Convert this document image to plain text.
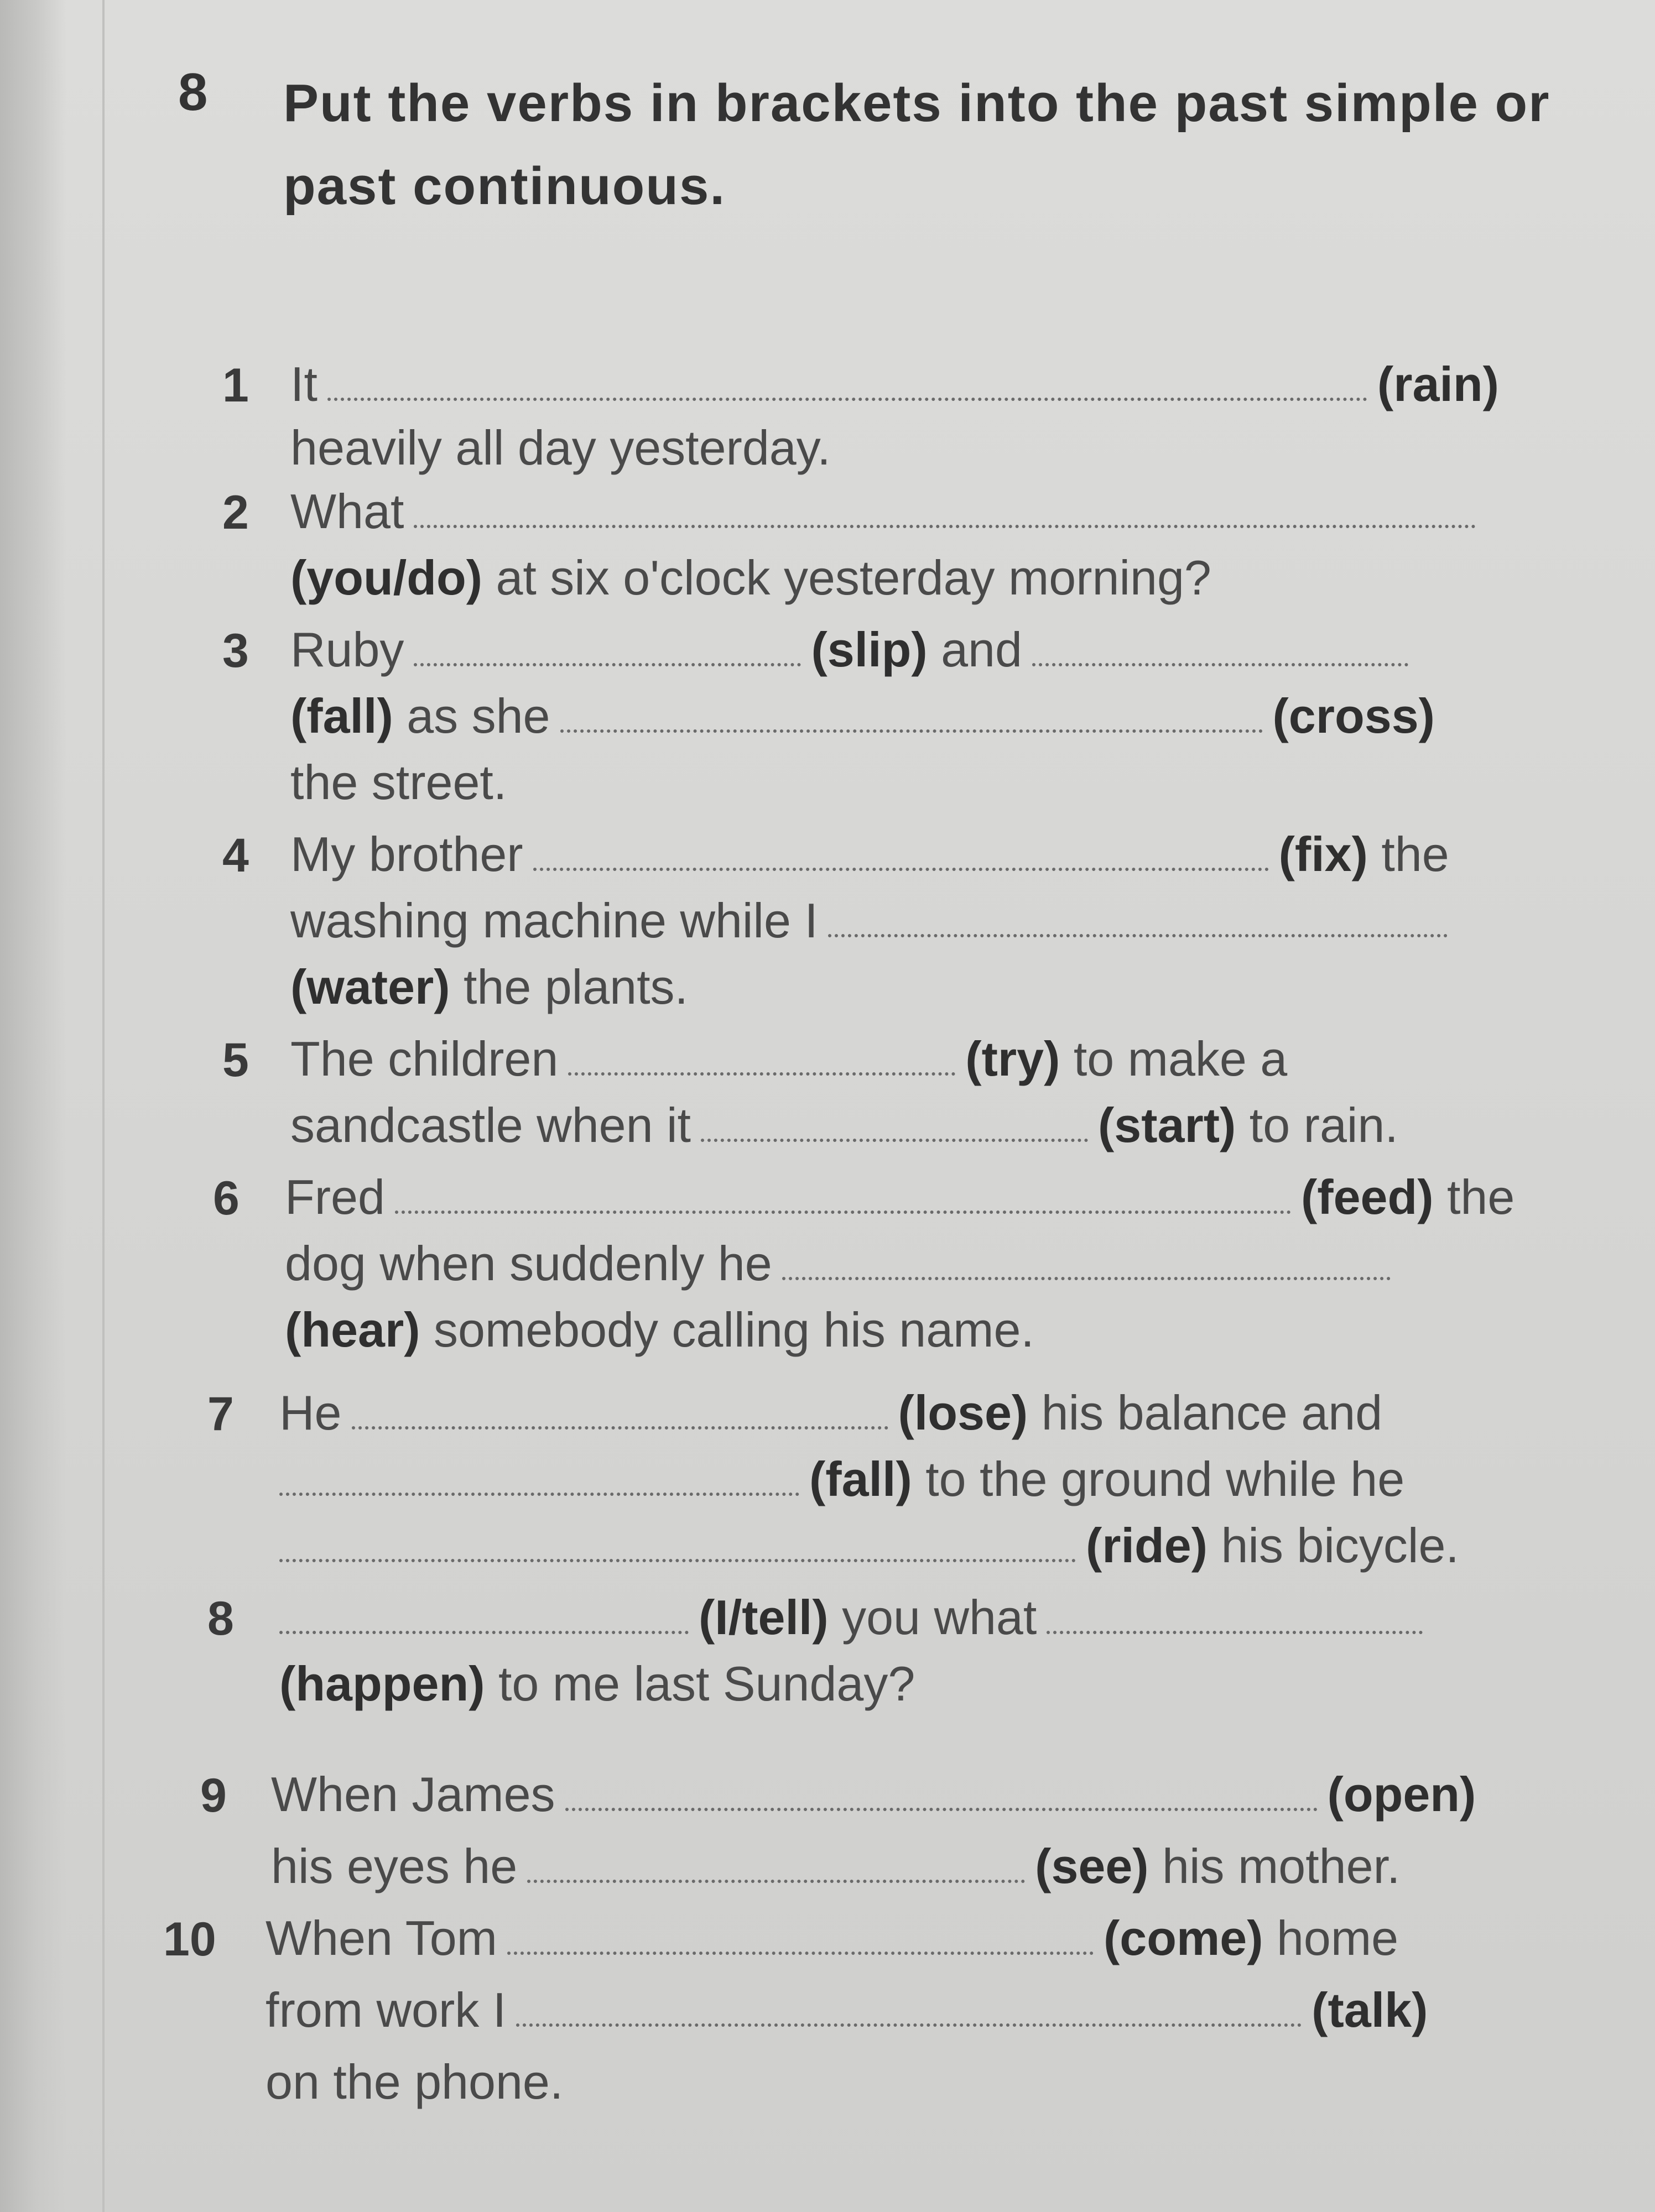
8 Put the verbs in brackets into the past simple or past continuous.
1 It	(rain)
heavily all day yesterday.
2 What
(you/do) at six o'clock yesterday morning?
3 Ruby	(slip) and
(fall) as she	(cross)
the street.
4 My brother	(fix) the
washing machine while I
(water) the plants.
5 The children	(try) to make a
sandcastle when it	(start) to rain.
6 Fred	(feed) the
dog when suddenly he
(hear) somebody calling his name.
7 He	(lose) his balance and
(fall) to the ground while he
(ride) his bicycle.
8	(I/tell) you what
(happen) to me last Sunday?
9 When James	(open)
his eyes he	(see) his mother.
10 When Tom	(come) home
from work I	(talk)
on the phone.
